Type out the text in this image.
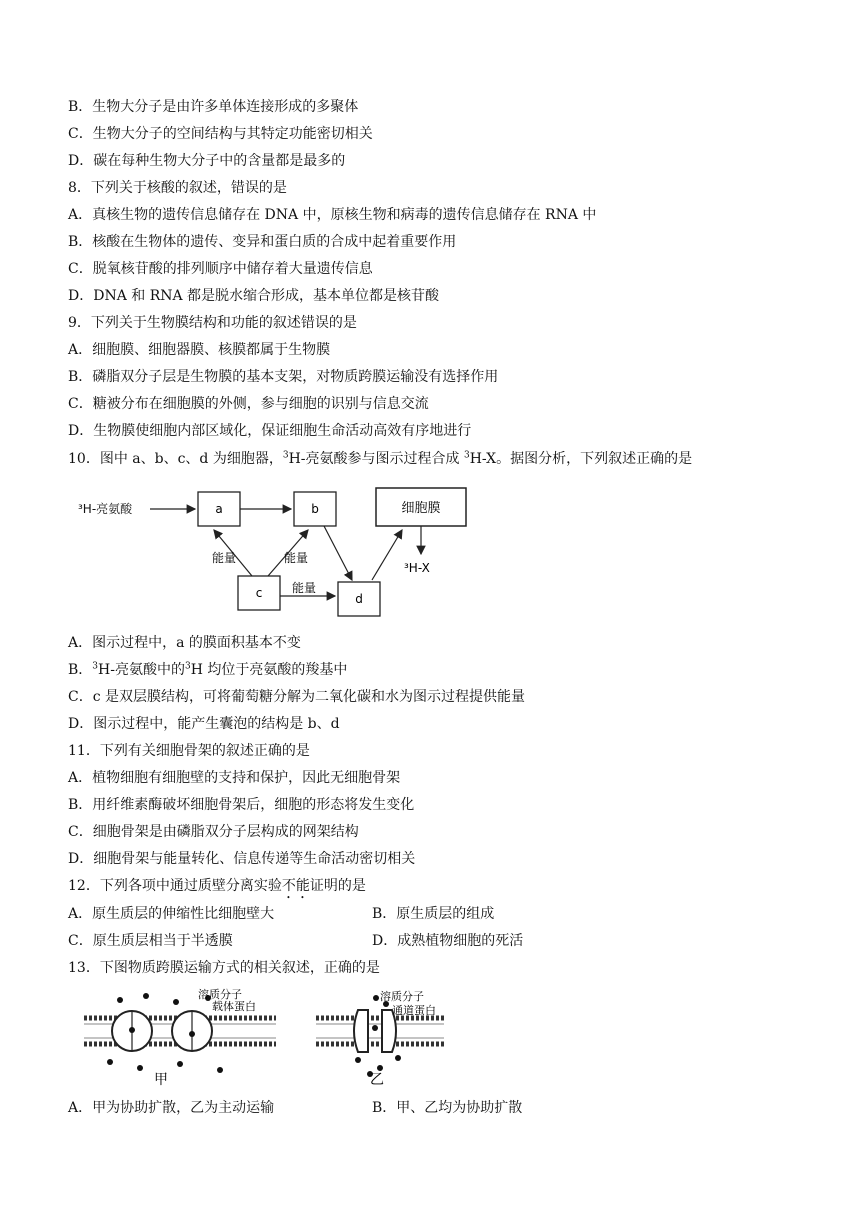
B．生物大分子是由许多单体连接形成的多聚体
C．生物大分子的空间结构与其特定功能密切相关
D．碳在每种生物大分子中的含量都是最多的
8．下列关于核酸的叙述，错误的是
A．真核生物的遗传信息储存在 DNA 中，原核生物和病毒的遗传信息储存在 RNA 中
B．核酸在生物体的遗传、变异和蛋白质的合成中起着重要作用
C．脱氧核苷酸的排列顺序中储存着大量遗传信息
D．DNA 和 RNA 都是脱水缩合形成，基本单位都是核苷酸
9．下列关于生物膜结构和功能的叙述错误的是
A．细胞膜、细胞器膜、核膜都属于生物膜
B．磷脂双分子层是生物膜的基本支架，对物质跨膜运输没有选择作用
C．糖被分布在细胞膜的外侧，参与细胞的识别与信息交流
D．生物膜使细胞内部区域化，保证细胞生命活动高效有序地进行
10．图中 a、b、c、d 为细胞器，$^3$H-亮氨酸参与图示过程合成 $^3$H-X。据图分析，下列叙述正确的是
³H-亮氨酸	a	b	细胞膜
³H-X
c	d
能量	能量
能量
A．图示过程中，a 的膜面积基本不变
B．$^3$H-亮氨酸中的$^3$H 均位于亮氨酸的羧基中
C．c 是双层膜结构，可将葡萄糖分解为二氧化碳和水为图示过程提供能量
D．图示过程中，能产生囊泡的结构是 b、d
11．下列有关细胞骨架的叙述正确的是
A．植物细胞有细胞壁的支持和保护，因此无细胞骨架
B．用纤维素酶破坏细胞骨架后，细胞的形态将发生变化
C．细胞骨架是由磷脂双分子层构成的网架结构
D．细胞骨架与能量转化、信息传递等生命活动密切相关
12．下列各项中通过质壁分离实验不能证明的是
A．原生质层的伸缩性比细胞壁大	B．原生质层的组成
C．原生质层相当于半透膜	D．成熟植物细胞的死活
13．下图物质跨膜运输方式的相关叙述，正确的是
溶质分子
载体蛋白
甲
溶质分子
通道蛋白
乙
A．甲为协助扩散，乙为主动运输	B．甲、乙均为协助扩散
